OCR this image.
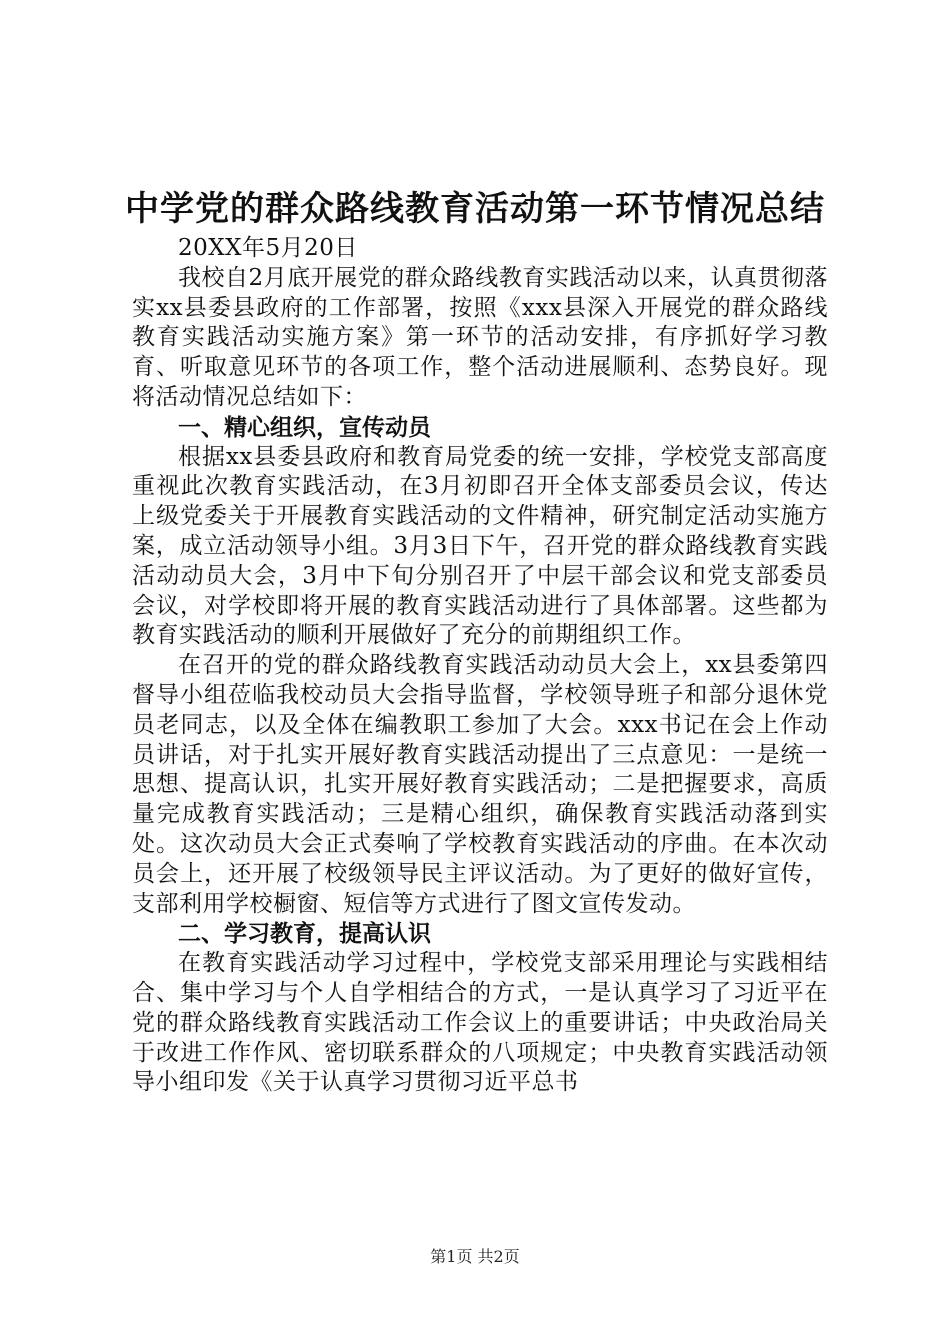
中学党的群众路线教育活动第一环节情况总结

20XX年5月20日

我校自2月底开展党的群众路线教育实践活动以来，认真贯彻落实xx县委县政府的工作部署，按照《xxx县深入开展党的群众路线教育实践活动实施方案》第一环节的活动安排，有序抓好学习教育、听取意见环节的各项工作，整个活动进展顺利、态势良好。现将活动情况总结如下：

一、精心组织，宣传动员

根据xx县委县政府和教育局党委的统一安排，学校党支部高度重视此次教育实践活动，在3月初即召开全体支部委员会议，传达上级党委关于开展教育实践活动的文件精神，研究制定活动实施方案，成立活动领导小组。3月3日下午，召开党的群众路线教育实践活动动员大会，3月中下旬分别召开了中层干部会议和党支部委员会议，对学校即将开展的教育实践活动进行了具体部署。这些都为教育实践活动的顺利开展做好了充分的前期组织工作。

在召开的党的群众路线教育实践活动动员大会上，xx县委第四督导小组莅临我校动员大会指导监督，学校领导班子和部分退休党员老同志，以及全体在编教职工参加了大会。xxx书记在会上作动员讲话，对于扎实开展好教育实践活动提出了三点意见：一是统一思想、提高认识，扎实开展好教育实践活动；二是把握要求，高质量完成教育实践活动；三是精心组织，确保教育实践活动落到实处。这次动员大会正式奏响了学校教育实践活动的序曲。在本次动员会上，还开展了校级领导民主评议活动。为了更好的做好宣传，支部利用学校橱窗、短信等方式进行了图文宣传发动。

二、学习教育，提高认识

在教育实践活动学习过程中，学校党支部采用理论与实践相结合、集中学习与个人自学相结合的方式，一是认真学习了习近平在党的群众路线教育实践活动工作会议上的重要讲话；中央政治局关于改进工作作风、密切联系群众的八项规定；中央教育实践活动领导小组印发《关于认真学习贯彻习近平总书

第1页 共2页
